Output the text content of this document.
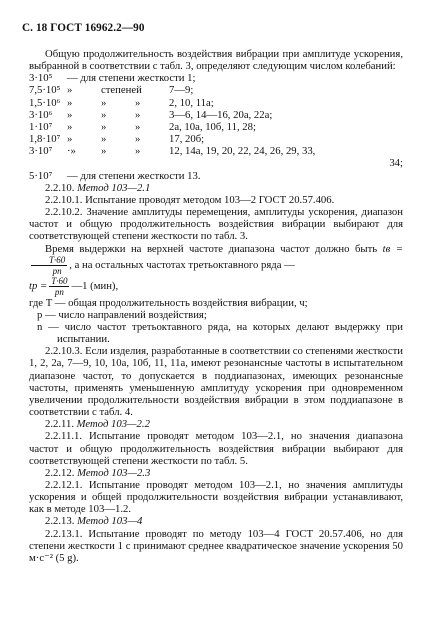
С. 18 ГОСТ 16962.2—90

Общую продолжительность воздействия вибрации при амплитуде ускорения, выбранной в соответствии с табл. 3, определяют следующим числом колебаний:

3·10⁵	— для степени жесткости 1;
7,5·10⁵ »	степеней	7—9;
1,5·10⁶ »	»	»	2, 10, 11а;
3·10⁶	»	»	»	3—6, 14—16, 20а, 22а;
1·10⁷	»	»	»	2а, 10а, 10б, 11, 28;
1,8·10⁷ »	»	»	17, 20б;
3·10⁷	·»	»	»	12, 14а, 19, 20, 22, 24, 26, 29, 33,
34;
5·10⁷	— для степени жесткости 13.

2.2.10. Метод 103—2.1

2.2.10.1. Испытание проводят методом 103—2 ГОСТ 20.57.406.

2.2.10.2. Значение амплитуды перемещения, амплитуды ускорения, диапазон частот и общую продолжительность воздействия вибрации выбирают для соответствующей степени жесткости по табл. 3.

Время выдержки на верхней частоте диапазона частот должно быть tв =
$\frac{T\cdot 60}{pn}$ , а на остальных частотах третьоктавного ряда —

tр = $\frac{T\cdot 60}{pn}$ —1 (мин),

где T — общая продолжительность воздействия вибрации, ч;

p — число направлений воздействия;

n — число частот третьоктавного ряда, на которых делают выдержку при испытании.

2.2.10.3. Если изделия, разработанные в соответствии со степенями жесткости 1, 2, 2а, 7—9, 10, 10а, 10б, 11, 11а, имеют резонансные частоты в испытательном диапазоне частот, то допускается в поддиапазонах, имеющих резонансные частоты, применять уменьшенную амплитуду ускорения при одновременном увеличении продолжительности воздействия вибрации в этом поддиапазоне в соответствии с табл. 4.

2.2.11. Метод 103—2.2

2.2.11.1. Испытание проводят методом 103—2.1, но значения диапазона частот и общую продолжительность воздействия вибрации выбирают для соответствующей степени жесткости по табл. 5.

2.2.12. Метод 103—2.3

2.2.12.1. Испытание проводят методом 103—2.1, но значения амплитуды ускорения и общей продолжительности воздействия вибрации устанавливают, как в методе 103—1.2.

2.2.13. Метод 103—4

2.2.13.1. Испытание проводят по методу 103—4 ГОСТ 20.57.406, но для степени жесткости 1 с принимают среднее квадратическое значение ускорения 50 м·с⁻² (5 g).
